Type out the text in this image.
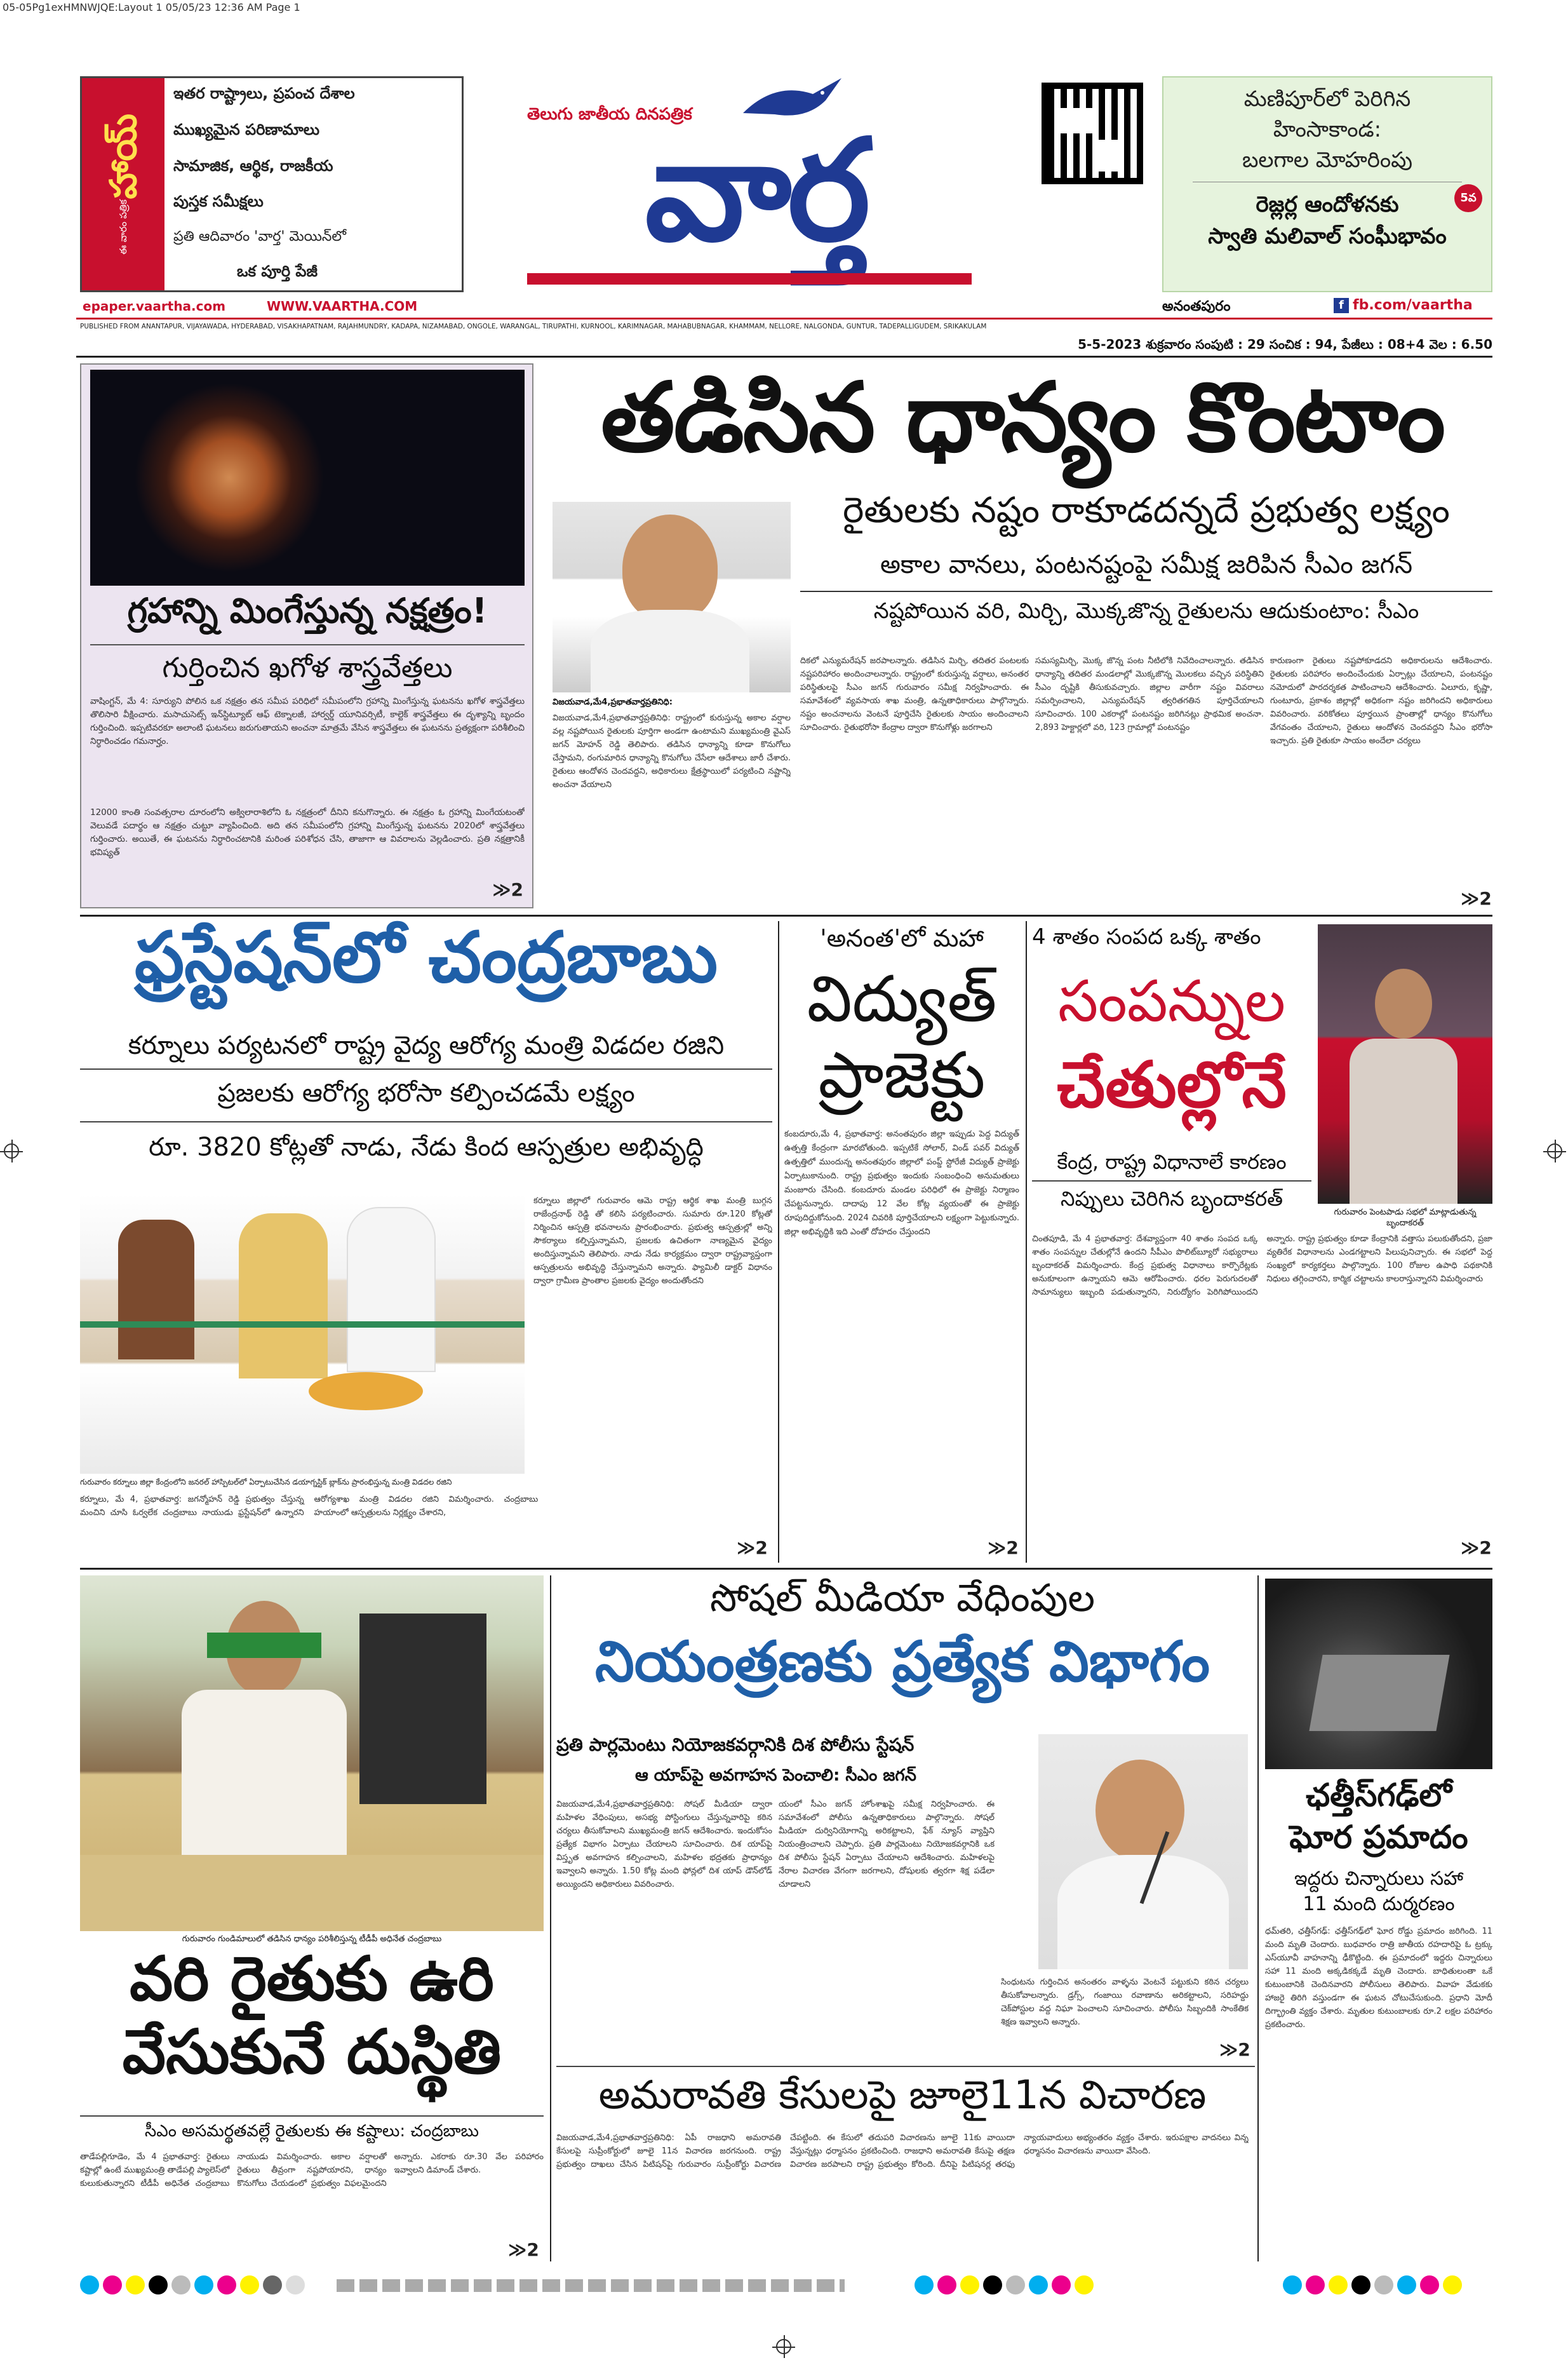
05-05Pg1exHMNWJQE:Layout 1 05/05/23 12:36 AM Page 1
హాయ్
ఈ వారం పత్రిక
ఇతర రాష్ట్రాలు, ప్రపంచ దేశాల
ముఖ్యమైన పరిణామాలు
సామాజిక, ఆర్థిక, రాజకీయ
పుస్తక సమీక్షలు
ప్రతి ఆదివారం 'వార్త' మెయిన్‌లో
ఒక పూర్తి పేజీ
epaper.vaartha.com	WWW.VAARTHA.COM
తెలుగు జాతీయ దినపత్రిక
వార్త
మణిపూర్‌లో పెరిగిన
హింసాకాండ:
బలగాల మోహరింపు
5వ
రెజ్లర్ల ఆందోళనకు
స్వాతి మలివాల్ సంఘీభావం
అనంతపురం	f fb.com/vaartha
PUBLISHED FROM ANANTAPUR, VIJAYAWADA, HYDERABAD, VISAKHAPATNAM, RAJAHMUNDRY, KADAPA, NIZAMABAD, ONGOLE, WARANGAL, TIRUPATHI, KURNOOL, KARIMNAGAR, MAHABUBNAGAR, KHAMMAM, NELLORE, NALGONDA, GUNTUR, TADEPALLIGUDEM, SRIKAKULAM
5-5-2023 శుక్రవారం సంపుటి : 29 సంచిక : 94, పేజీలు : 08+4 వెల : 6.50
గ్రహాన్ని మింగేస్తున్న నక్షత్రం!
గుర్తించిన ఖగోళ శాస్త్రవేత్తలు
వాషింగ్టన్, మే 4: సూర్యుని పోలిన ఒక నక్షత్రం తన సమీప పరిధిలో సమీపంలోని గ్రహాన్ని మింగేస్తున్న ఘటనను ఖగోళ శాస్త్రవేత్తలు తొలిసారి వీక్షించారు. మసాచుసెట్స్ ఇన్‌స్టిట్యూట్ ఆఫ్ టెక్నాలజీ, హార్వర్డ్ యూనివర్సిటీ, కాల్టెక్ శాస్త్రవేత్తలు ఈ దృశ్యాన్ని బృందం గుర్తించింది. ఇప్పటివరకూ అలాంటి ఘటనలు జరుగుతాయని అంచనా మాత్రమే వేసిన శాస్త్రవేత్తలు ఈ ఘటనను ప్రత్యక్షంగా పరిశీలించి నిర్ధారించడం గమనార్హం.
12000 కాంతి సంవత్సరాల దూరంలోని అక్విలారాశిలోని ఓ నక్షత్రంలో దీనిని కనుగొన్నారు. ఈ నక్షత్రం ఓ గ్రహాన్ని మింగేయటంతో వెలువడే పదార్థం ఆ నక్షత్రం చుట్టూ వ్యాపించింది. అది తన సమీపంలోని గ్రహాన్ని మింగేస్తున్న ఘటనను 2020లో శాస్త్రవేత్తలు గుర్తించారు. అయితే, ఈ ఘటనను నిర్ధారించటానికి మరింత పరిశోధన చేసి, తాజాగా ఆ వివరాలను వెల్లడించారు. ప్రతి నక్షత్రానికీ భవిష్యత్
≫2
తడిసిన ధాన్యం కొంటాం
రైతులకు నష్టం రాకూడదన్నదే ప్రభుత్వ లక్ష్యం
అకాల వానలు, పంటనష్టంపై సమీక్ష జరిపిన సీఎం జగన్
నష్టపోయిన వరి, మిర్చి, మొక్కజొన్న రైతులను ఆదుకుంటాం: సీఎం
విజయవాడ,మే4,ప్రభాతవార్తప్రతినిధి:
విజయవాడ,మే4,ప్రభాతవార్తప్రతినిధి: రాష్ట్రంలో కురుస్తున్న అకాల వర్షాల వల్ల నష్టపోయిన రైతులకు పూర్తిగా అండగా ఉంటామని ముఖ్యమంత్రి వైఎస్ జగన్ మోహన్ రెడ్డి తెలిపారు. తడిసిన ధాన్యాన్ని కూడా కొనుగోలు చేస్తామని, రంగుమారిన ధాన్యాన్ని కొనుగోలు చేసేలా ఆదేశాలు జారీ చేశారు. రైతులు ఆందోళన చెందవద్దని, అధికారులు క్షేత్రస్థాయిలో పర్యటించి నష్టాన్ని అంచనా వేయాలని
దికలో ఎన్యుమరేషన్ జరపాలన్నారు. తడిసిన మిర్చి, తదితర పంటలకు నష్టపరిహారం అందించాలన్నారు. రాష్ట్రంలో కురుస్తున్న వర్షాలు, అనంతర పరిస్థితులపై సీఎం జగన్ గురువారం సమీక్ష నిర్వహించారు. ఈ సమావేశంలో వ్యవసాయ శాఖ మంత్రి, ఉన్నతాధికారులు పాల్గొన్నారు. నష్టం అంచనాలను వెంటనే పూర్తిచేసి రైతులకు సాయం అందించాలని సూచించారు. రైతుభరోసా కేంద్రాల ద్వారా కొనుగోళ్లు జరగాలని
సమస్యమిర్చి, మొక్క జొన్న పంట నీటిలోకి నివేదించాలన్నారు. తడిసిన ధాన్యాన్ని తదితర మండలాల్లో మొక్కజొన్న మొలకలు వచ్చిన పరిస్థితిని సీఎం దృష్టికి తీసుకువచ్చారు. జిల్లాల వారీగా నష్టం వివరాలు సమర్పించాలని, ఎన్యుమరేషన్ త్వరితగతిన పూర్తిచేయాలని సూచించారు. 100 ఎకరాల్లో పంటనష్టం జరిగినట్లు ప్రాథమిక అంచనా. 2,893 హెక్టార్లలో వరి, 123 గ్రామాల్లో పంటనష్టం
కారుణంగా రైతులు నష్టపోకూడదని అధికారులను ఆదేశించారు. రైతులకు పరిహారం అందించేందుకు ఏర్పాట్లు చేయాలని, పంటనష్టం నమోదులో పారదర్శకత పాటించాలని ఆదేశించారు. ఏలూరు, కృష్ణా, గుంటూరు, ప్రకాశం జిల్లాల్లో అధికంగా నష్టం జరిగిందని అధికారులు వివరించారు. వరికోతలు పూర్తయిన ప్రాంతాల్లో ధాన్యం కొనుగోలు వేగవంతం చేయాలని, రైతులు ఆందోళన చెందవద్దని సీఎం భరోసా ఇచ్చారు. ప్రతి రైతుకూ సాయం అందేలా చర్యలు
≫2
ఫ్రస్టేషన్‌లో చంద్రబాబు
కర్నూలు పర్యటనలో రాష్ట్ర వైద్య ఆరోగ్య మంత్రి విడదల రజిని
ప్రజలకు ఆరోగ్య భరోసా కల్పించడమే లక్ష్యం
రూ. 3820 కోట్లతో నాడు, నేడు కింద ఆస్పత్రుల అభివృద్ధి
గురువారం కర్నూలు జిల్లా కేంద్రంలోని జనరల్ హాస్పిటల్‌లో ఏర్పాటుచేసిన డయాగ్నస్టిక్ బ్లాక్‌ను ప్రారంభిస్తున్న మంత్రి విడదల రజిని
కర్నూలు జిల్లాలో గురువారం ఆమె రాష్ట్ర ఆర్థిక శాఖ మంత్రి బుగ్గన రాజేంద్రనాథ్ రెడ్డి తో కలిసి పర్యటించారు. సుమారు రూ.120 కోట్లతో నిర్మించిన ఆస్పత్రి భవనాలను ప్రారంభించారు. ప్రభుత్వ ఆస్పత్రుల్లో అన్ని సౌకర్యాలు కల్పిస్తున్నామని, ప్రజలకు ఉచితంగా నాణ్యమైన వైద్యం అందిస్తున్నామని తెలిపారు. నాడు నేడు కార్యక్రమం ద్వారా రాష్ట్రవ్యాప్తంగా ఆస్పత్రులను అభివృద్ధి చేస్తున్నామని అన్నారు. ఫ్యామిలీ డాక్టర్ విధానం ద్వారా గ్రామీణ ప్రాంతాల ప్రజలకు వైద్యం అందుతోందని
కర్నూలు, మే 4, ప్రభాతవార్త: జగన్మోహన్ రెడ్డి ప్రభుత్వం చేస్తున్న మంచిని చూసి ఓర్వలేక చంద్రబాబు నాయుడు ఫ్రస్టేషన్‌లో ఉన్నారని ఆరోగ్యశాఖ మంత్రి విడదల రజిని విమర్శించారు. చంద్రబాబు హయాంలో ఆస్పత్రులను నిర్లక్ష్యం చేశారని,
≫2
'అనంత'లో మహా
విద్యుత్
ప్రాజెక్టు
కంబదూరు,మే 4, ప్రభాతవార్త: అనంతపురం జిల్లా ఇప్పుడు పెద్ద విద్యుత్ ఉత్పత్తి కేంద్రంగా మారబోతుంది. ఇప్పటికే సోలార్, విండ్ పవర్ విద్యుత్ ఉత్పత్తిలో ముందున్న అనంతపురం జిల్లాలో పంప్డ్ స్టోరేజీ విద్యుత్ ప్రాజెక్టు ఏర్పాటుకానుంది. రాష్ట్ర ప్రభుత్వం ఇందుకు సంబంధించి అనుమతులు మంజూరు చేసింది. కంబదూరు మండల పరిధిలో ఈ ప్రాజెక్టు నిర్మాణం చేపట్టనున్నారు. దాదాపు 12 వేల కోట్ల వ్యయంతో ఈ ప్రాజెక్టు రూపుదిద్దుకోనుంది. 2024 చివరికి పూర్తిచేయాలని లక్ష్యంగా పెట్టుకున్నారు. జిల్లా అభివృద్ధికి ఇది ఎంతో దోహదం చేస్తుందని
≫2
4 శాతం సంపద ఒక్క శాతం
సంపన్నుల
చేతుల్లోనే
కేంద్ర, రాష్ట్ర విధానాలే కారణం
నిప్పులు చెరిగిన బృందాకరత్
గురువారం పెంటపాడు సభలో మాట్లాడుతున్న బృందాకరత్
చింతపూడి, మే 4 ప్రభాతవార్త: దేశవ్యాప్తంగా 40 శాతం సంపద ఒక్క శాతం సంపన్నుల చేతుల్లోనే ఉందని సీపీఎం పొలిట్‌బ్యూరో సభ్యురాలు బృందాకరత్ విమర్శించారు. కేంద్ర ప్రభుత్వ విధానాలు కార్పొరేట్లకు అనుకూలంగా ఉన్నాయని ఆమె ఆరోపించారు. ధరల పెరుగుదలతో సామాన్యులు ఇబ్బంది పడుతున్నారని, నిరుద్యోగం పెరిగిపోయిందని అన్నారు. రాష్ట్ర ప్రభుత్వం కూడా కేంద్రానికి వత్తాసు పలుకుతోందని, ప్రజా వ్యతిరేక విధానాలను ఎండగట్టాలని పిలుపునిచ్చారు. ఈ సభలో పెద్ద సంఖ్యలో కార్యకర్తలు పాల్గొన్నారు. 100 రోజుల ఉపాధి పథకానికి నిధులు తగ్గించారని, కార్మిక చట్టాలను కాలరాస్తున్నారని విమర్శించారు
≫2
గురువారం గుండిమాలులో తడిసిన ధాన్యం పరిశీలిస్తున్న టీడీపీ అధినేత చంద్రబాబు
వరి రైతుకు ఉరి
వేసుకునే దుస్థితి
సీఎం అసమర్థతవల్లే రైతులకు ఈ కష్టాలు: చంద్రబాబు
తాడేపల్లిగూడెం, మే 4 ప్రభాతవార్త: రైతులు కష్టాల్లో ఉంటే ముఖ్యమంత్రి తాడేపల్లి ప్యాలెస్‌లో కులుకుతున్నారని టీడీపీ అధినేత చంద్రబాబు నాయుడు విమర్శించారు. అకాల వర్షాలతో రైతులు తీవ్రంగా నష్టపోయారని, ధాన్యం కొనుగోలు చేయడంలో ప్రభుత్వం విఫలమైందని అన్నారు. ఎకరాకు రూ.30 వేల పరిహారం ఇవ్వాలని డిమాండ్ చేశారు.
≫2
సోషల్ మీడియా వేధింపుల
నియంత్రణకు ప్రత్యేక విభాగం
ప్రతి పార్లమెంటు నియోజకవర్గానికి దిశ పోలీసు స్టేషన్
ఆ యాప్‌పై అవగాహన పెంచాలి: సీఎం జగన్
విజయవాడ,మే4,ప్రభాతవార్తప్రతినిధి: సోషల్ మీడియా ద్వారా మహిళల వేధింపులు, అసభ్య పోస్టింగులు చేస్తున్నవారిపై కఠిన చర్యలు తీసుకోవాలని ముఖ్యమంత్రి జగన్ ఆదేశించారు. ఇందుకోసం ప్రత్యేక విభాగం ఏర్పాటు చేయాలని సూచించారు. దిశ యాప్‌పై విస్తృత అవగాహన కల్పించాలని, మహిళల భద్రతకు ప్రాధాన్యం ఇవ్వాలని అన్నారు. 1.50 కోట్ల మంది ఫోన్లలో దిశ యాప్ డౌన్‌లోడ్ అయ్యిందని అధికారులు వివరించారు.
యంలో సీఎం జగన్ హోంశాఖపై సమీక్ష నిర్వహించారు. ఈ సమావేశంలో పోలీసు ఉన్నతాధికారులు పాల్గొన్నారు. సోషల్ మీడియా దుర్వినియోగాన్ని అరికట్టాలని, ఫేక్ న్యూస్ వ్యాప్తిని నియంత్రించాలని చెప్పారు. ప్రతి పార్లమెంటు నియోజకవర్గానికి ఒక దిశ పోలీసు స్టేషన్ ఏర్పాటు చేయాలని ఆదేశించారు. మహిళలపై నేరాల విచారణ వేగంగా జరగాలని, దోషులకు త్వరగా శిక్ష పడేలా చూడాలని
సింధుటను గుర్తించిన అనంతరం వాళ్ళను వెంటనే పట్టుకుని కఠిన చర్యలు తీసుకోవాలన్నారు. డ్రగ్స్, గంజాయి రవాణాను అరికట్టాలని, సరిహద్దు చెక్‌పోస్టుల వద్ద నిఘా పెంచాలని సూచించారు. పోలీసు సిబ్బందికి సాంకేతిక శిక్షణ ఇవ్వాలని అన్నారు.
≫2
ఛత్తీస్‌గఢ్‌లో
ఘోర ప్రమాదం
ఇద్దరు చిన్నారులు సహా
11 మంది దుర్మరణం
ధమ్‌తరి, ఛత్తీస్‌గఢ్: ఛత్తీస్‌గఢ్‌లో ఘోర రోడ్డు ప్రమాదం జరిగింది. 11 మంది మృతి చెందారు. బుధవారం రాత్రి జాతీయ రహదారిపై ఓ ట్రక్కు ఎస్‌యూవీ వాహనాన్ని ఢీకొట్టింది. ఈ ప్రమాదంలో ఇద్దరు చిన్నారులు సహా 11 మంది అక్కడికక్కడే మృతి చెందారు. బాధితులంతా ఒకే కుటుంబానికి చెందినవారని పోలీసులు తెలిపారు. వివాహ వేడుకకు హాజరై తిరిగి వస్తుండగా ఈ ఘటన చోటుచేసుకుంది. ప్రధాని మోదీ దిగ్భ్రాంతి వ్యక్తం చేశారు. మృతుల కుటుంబాలకు రూ.2 లక్షల పరిహారం ప్రకటించారు.
అమరావతి కేసులపై జూలై11న విచారణ
విజయవాడ,మే4,ప్రభాతవార్తప్రతినిధి: ఏపీ రాజధాని అమరావతి కేసులపై సుప్రీంకోర్టులో జూలై 11న విచారణ జరగనుంది. రాష్ట్ర ప్రభుత్వం దాఖలు చేసిన పిటిషన్‌పై గురువారం సుప్రీంకోర్టు విచారణ చేపట్టింది. ఈ కేసులో తదుపరి విచారణను జూలై 11కు వాయిదా వేస్తున్నట్లు ధర్మాసనం ప్రకటించింది. రాజధాని అమరావతి కేసుపై తక్షణ విచారణ జరపాలని రాష్ట్ర ప్రభుత్వం కోరింది. దీనిపై పిటిషనర్ల తరఫు న్యాయవాదులు అభ్యంతరం వ్యక్తం చేశారు. ఇరుపక్షాల వాదనలు విన్న ధర్మాసనం విచారణను వాయిదా వేసింది.
